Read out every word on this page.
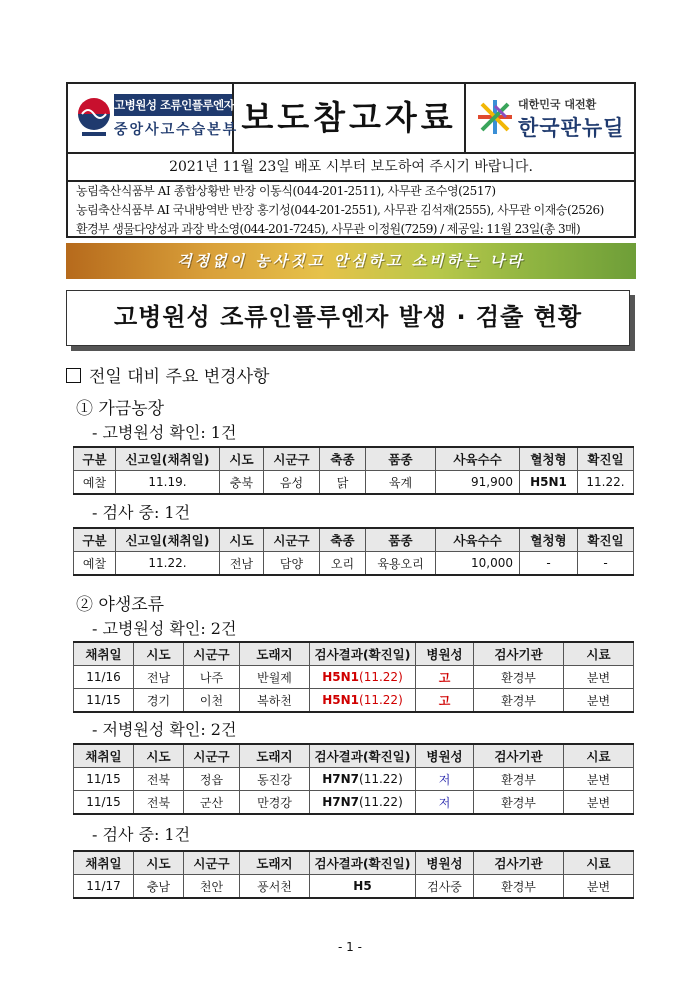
고병원성 조류인플루엔자
중앙사고수습본부 보도참고자료	대한민국 대전환
한국판뉴딜
2021년 11월 23일 배포 시부터 보도하여 주시기 바랍니다.
농림축산식품부 AI 종합상황반 반장 이동식(044-201-2511), 사무관 조수영(2517)
농림축산식품부 AI 국내방역반 반장 홍기성(044-201-2551), 사무관 김석재(2555), 사무관 이재승(2526)
환경부 생물다양성과 과장 박소영(044-201-7245), 사무관 이정원(7259) / 제공일: 11월 23일(총 3매)
걱정없이 농사짓고 안심하고 소비하는 나라
고병원성 조류인플루엔자 발생 · 검출 현황
전일 대비 주요 변경사항
① 가금농장
- 고병원성 확인: 1건
구분	신고일(채취일)	시도	시군구	축종	품종	사육수수	혈청형	확진일
예찰	11.19.	충북	음성	닭	육계	91,900	H5N1	11.22.
- 검사 중: 1건
구분	신고일(채취일)	시도	시군구	축종	품종	사육수수	혈청형	확진일
예찰	11.22.	전남	담양	오리	육용오리	10,000	-	-
② 야생조류
- 고병원성 확인: 2건
채취일	시도	시군구	도래지	검사결과(확진일)	병원성	검사기관	시료
11/16	전남	나주	반월제	H5N1(11.22)	고	환경부	분변
11/15	경기	이천	복하천	H5N1(11.22)	고	환경부	분변
- 저병원성 확인: 2건
채취일	시도	시군구	도래지	검사결과(확진일)	병원성	검사기관	시료
11/15	전북	정읍	동진강	H7N7(11.22)	저	환경부	분변
11/15	전북	군산	만경강	H7N7(11.22)	저	환경부	분변
- 검사 중: 1건
채취일	시도	시군구	도래지	검사결과(확진일)	병원성	검사기관	시료
11/17	충남	천안	풍서천	H5	검사중	환경부	분변
- 1 -
